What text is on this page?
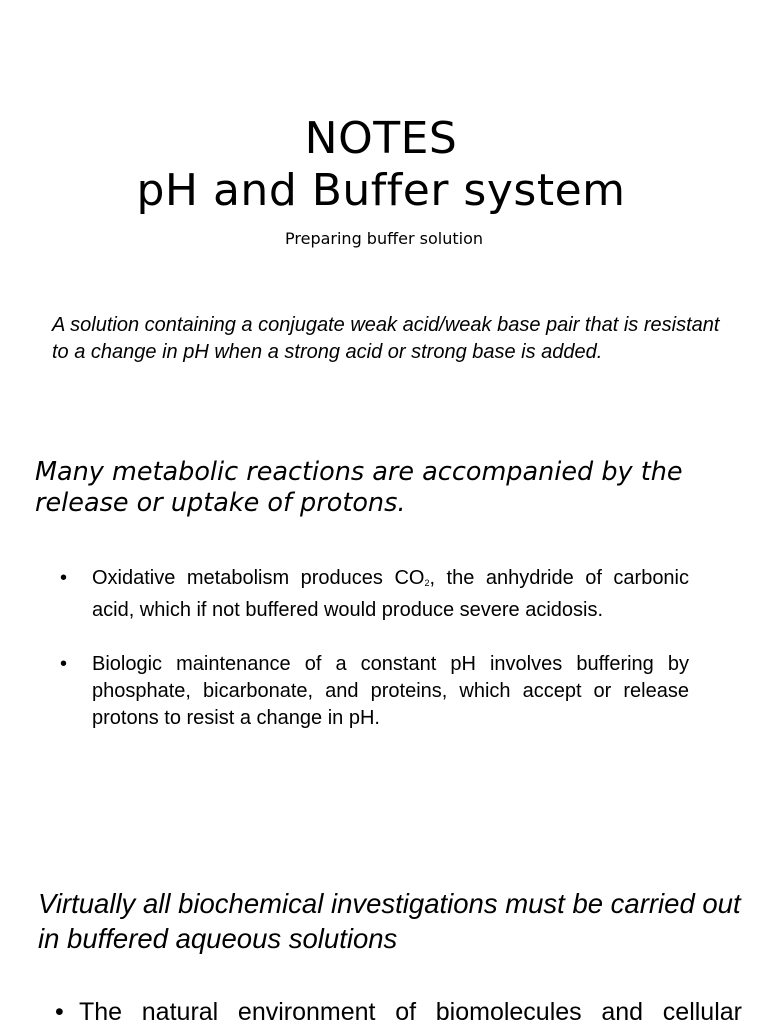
NOTES
pH and Buffer system
Preparing buffer solution
A solution containing a conjugate weak acid/weak base pair that is resistant to a change in pH when a strong acid or strong base is added.
Many metabolic reactions are accompanied by the release or uptake of protons.
• Oxidative metabolism produces CO2, the anhydride of carbonic acid, which if not buffered would produce severe acidosis.
• Biologic maintenance of a constant pH involves buffering by phosphate, bicarbonate, and proteins, which accept or release protons to resist a change in pH.
Virtually all biochemical investigations must be carried out in buffered aqueous solutions
• The natural environment of biomolecules and cellular
